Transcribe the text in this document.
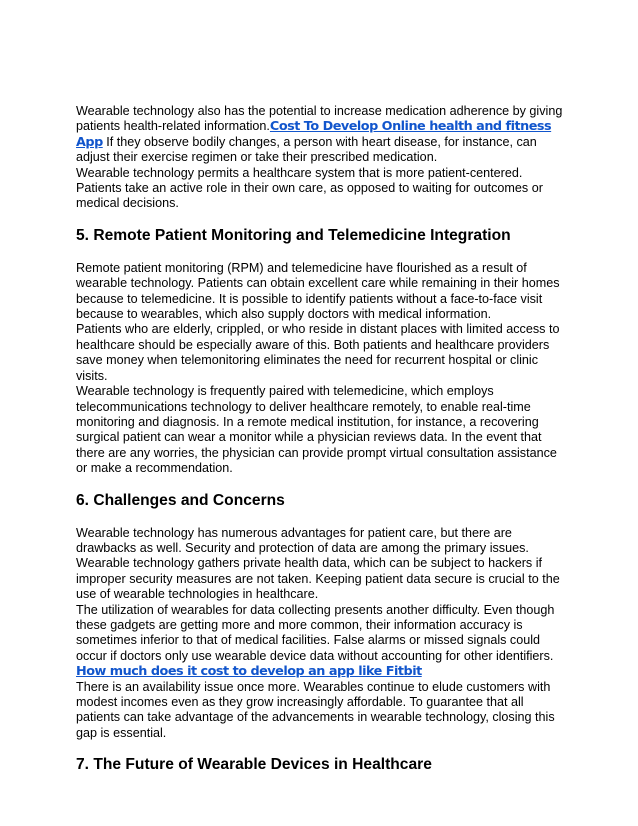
Wearable technology also has the potential to increase medication adherence by giving patients health-related information.Cost To Develop Online health and fitness App If they observe bodily changes, a person with heart disease, for instance, can adjust their exercise regimen or take their prescribed medication.

Wearable technology permits a healthcare system that is more patient-centered. Patients take an active role in their own care, as opposed to waiting for outcomes or medical decisions.

5. Remote Patient Monitoring and Telemedicine Integration

Remote patient monitoring (RPM) and telemedicine have flourished as a result of wearable technology. Patients can obtain excellent care while remaining in their homes because to telemedicine. It is possible to identify patients without a face-to-face visit because to wearables, which also supply doctors with medical information.

Patients who are elderly, crippled, or who reside in distant places with limited access to healthcare should be especially aware of this. Both patients and healthcare providers save money when telemonitoring eliminates the need for recurrent hospital or clinic visits.

Wearable technology is frequently paired with telemedicine, which employs telecommunications technology to deliver healthcare remotely, to enable real-time monitoring and diagnosis. In a remote medical institution, for instance, a recovering surgical patient can wear a monitor while a physician reviews data. In the event that there are any worries, the physician can provide prompt virtual consultation assistance or make a recommendation.

6. Challenges and Concerns

Wearable technology has numerous advantages for patient care, but there are drawbacks as well. Security and protection of data are among the primary issues. Wearable technology gathers private health data, which can be subject to hackers if improper security measures are not taken. Keeping patient data secure is crucial to the use of wearable technologies in healthcare.

The utilization of wearables for data collecting presents another difficulty. Even though these gadgets are getting more and more common, their information accuracy is sometimes inferior to that of medical facilities. False alarms or missed signals could occur if doctors only use wearable device data without accounting for other identifiers. How much does it cost to develop an app like Fitbit

There is an availability issue once more. Wearables continue to elude customers with modest incomes even as they grow increasingly affordable. To guarantee that all patients can take advantage of the advancements in wearable technology, closing this gap is essential.

7. The Future of Wearable Devices in Healthcare
